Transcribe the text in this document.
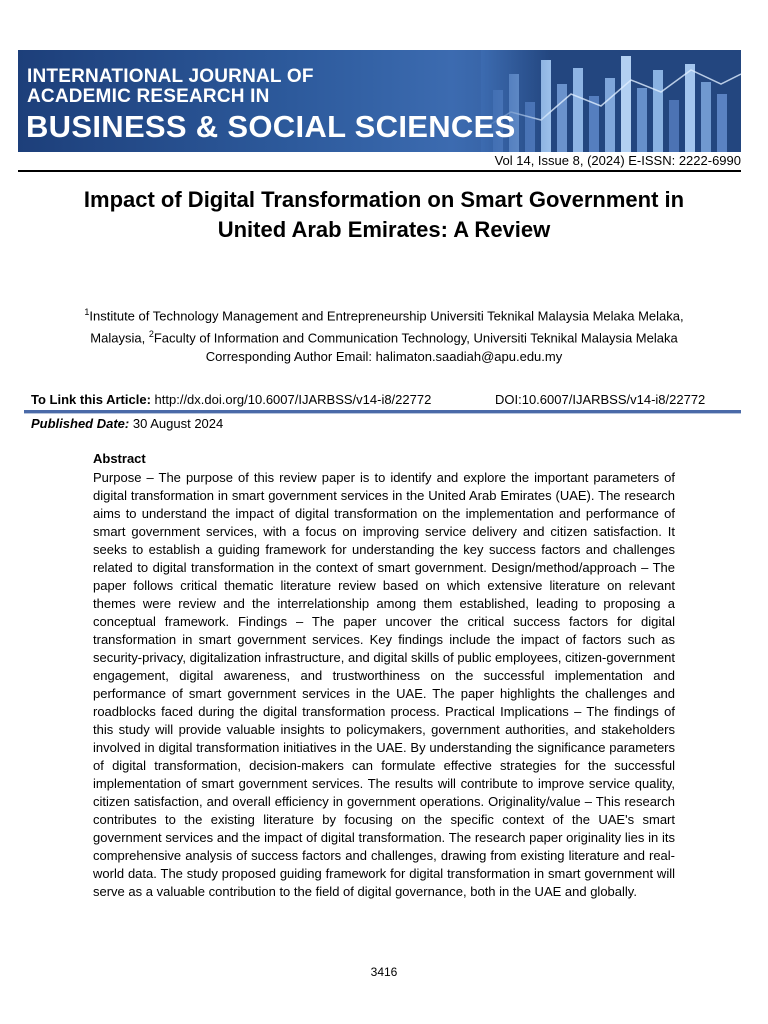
INTERNATIONAL JOURNAL OF
ACADEMIC RESEARCH IN
BUSINESS & SOCIAL SCIENCES
Vol 14, Issue 8, (2024) E-ISSN: 2222-6990
Impact of Digital Transformation on Smart Government in United Arab Emirates: A Review
$^1$Institute of Technology Management and Entrepreneurship Universiti Teknikal Malaysia Melaka Melaka, Malaysia, $^2$Faculty of Information and Communication Technology, Universiti Teknikal Malaysia Melaka
Corresponding Author Email: halimaton.saadiah@apu.edu.my
To Link this Article: http://dx.doi.org/10.6007/IJARBSS/v14-i8/22772	DOI:10.6007/IJARBSS/v14-i8/22772
Published Date: 30 August 2024
Abstract
Purpose – The purpose of this review paper is to identify and explore the important parameters of digital transformation in smart government services in the United Arab Emirates (UAE). The research aims to understand the impact of digital transformation on the implementation and performance of smart government services, with a focus on improving service delivery and citizen satisfaction. It seeks to establish a guiding framework for understanding the key success factors and challenges related to digital transformation in the context of smart government. Design/method/approach – The paper follows critical thematic literature review based on which extensive literature on relevant themes were review and the interrelationship among them established, leading to proposing a conceptual framework. Findings – The paper uncover the critical success factors for digital transformation in smart government services. Key findings include the impact of factors such as security-privacy, digitalization infrastructure, and digital skills of public employees, citizen-government engagement, digital awareness, and trustworthiness on the successful implementation and performance of smart government services in the UAE. The paper highlights the challenges and roadblocks faced during the digital transformation process. Practical Implications – The findings of this study will provide valuable insights to policymakers, government authorities, and stakeholders involved in digital transformation initiatives in the UAE. By understanding the significance parameters of digital transformation, decision-makers can formulate effective strategies for the successful implementation of smart government services. The results will contribute to improve service quality, citizen satisfaction, and overall efficiency in government operations. Originality/value – This research contributes to the existing literature by focusing on the specific context of the UAE's smart government services and the impact of digital transformation. The research paper originality lies in its comprehensive analysis of success factors and challenges, drawing from existing literature and real-world data. The study proposed guiding framework for digital transformation in smart government will serve as a valuable contribution to the field of digital governance, both in the UAE and globally.
3416
